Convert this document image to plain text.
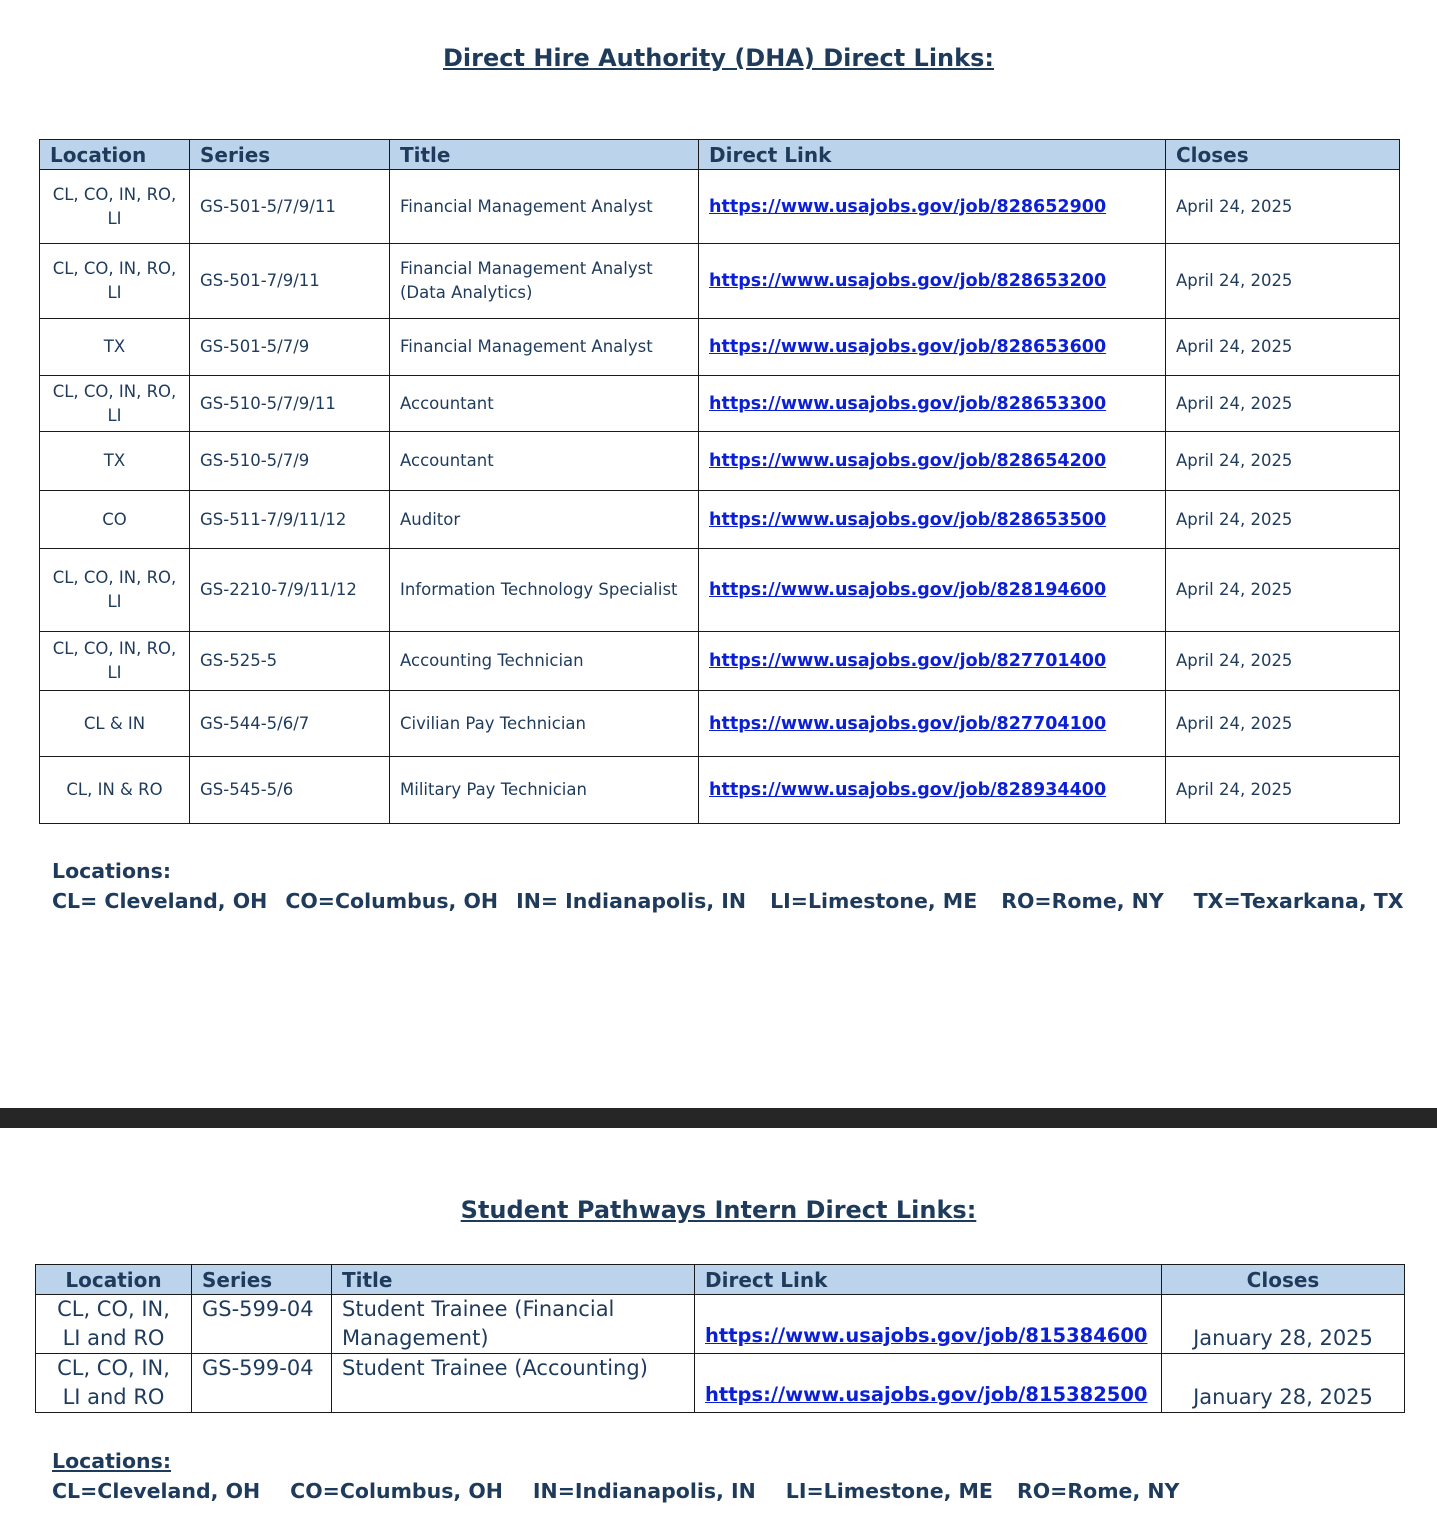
Direct Hire Authority (DHA) Direct Links:
Location	Series	Title	Direct Link	Closes
CL, CO, IN, RO, LI	GS-501-5/7/9/11	Financial Management Analyst	https://www.usajobs.gov/job/828652900	April 24, 2025
CL, CO, IN, RO, LI	GS-501-7/9/11	Financial Management Analyst (Data Analytics)	https://www.usajobs.gov/job/828653200	April 24, 2025
TX	GS-501-5/7/9	Financial Management Analyst	https://www.usajobs.gov/job/828653600	April 24, 2025
CL, CO, IN, RO, LI	GS-510-5/7/9/11	Accountant	https://www.usajobs.gov/job/828653300	April 24, 2025
TX	GS-510-5/7/9	Accountant	https://www.usajobs.gov/job/828654200	April 24, 2025
CO	GS-511-7/9/11/12	Auditor	https://www.usajobs.gov/job/828653500	April 24, 2025
CL, CO, IN, RO, LI	GS-2210-7/9/11/12	Information Technology Specialist	https://www.usajobs.gov/job/828194600	April 24, 2025
CL, CO, IN, RO, LI	GS-525-5	Accounting Technician	https://www.usajobs.gov/job/827701400	April 24, 2025
CL & IN	GS-544-5/6/7	Civilian Pay Technician	https://www.usajobs.gov/job/827704100	April 24, 2025
CL, IN & RO	GS-545-5/6	Military Pay Technician	https://www.usajobs.gov/job/828934400	April 24, 2025
Locations:
CL= Cleveland, OH CO=Columbus, OH IN= Indianapolis, IN LI=Limestone, ME RO=Rome, NY TX=Texarkana, TX
Student Pathways Intern Direct Links:
Location	Series	Title	Direct Link	Closes
CL, CO, IN, LI and RO	GS-599-04	Student Trainee (Financial Management)	https://www.usajobs.gov/job/815384600	January 28, 2025
CL, CO, IN, LI and RO	GS-599-04	Student Trainee (Accounting)	https://www.usajobs.gov/job/815382500	January 28, 2025
Locations:
CL=Cleveland, OH CO=Columbus, OH IN=Indianapolis, IN LI=Limestone, ME RO=Rome, NY
